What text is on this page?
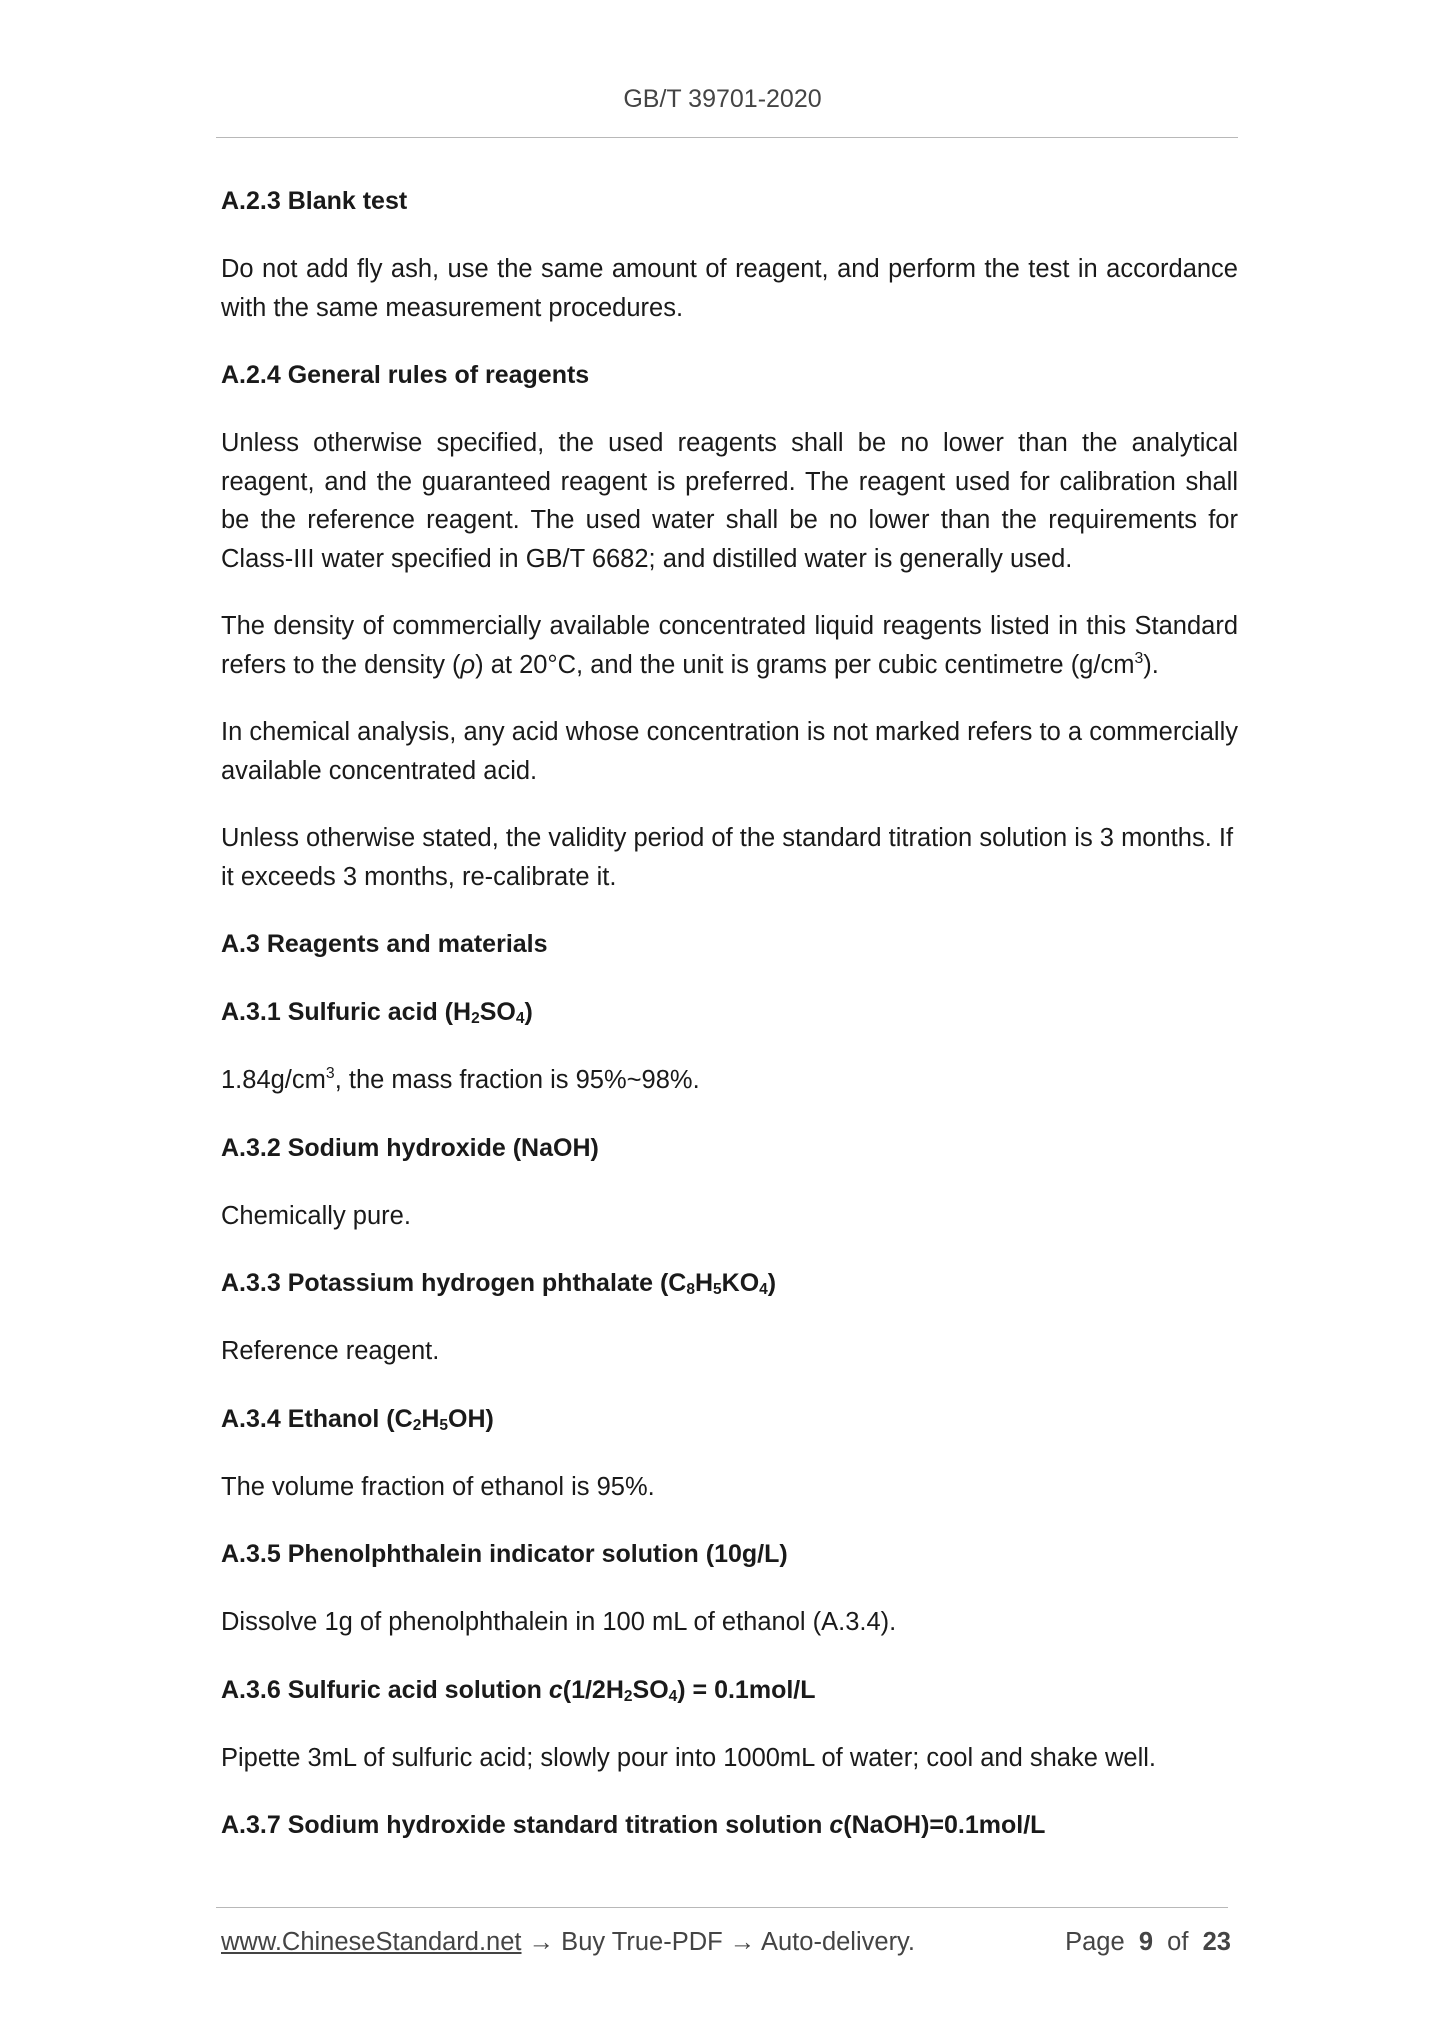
GB/T 39701-2020
A.2.3 Blank test
Do not add fly ash, use the same amount of reagent, and perform the test in accordance with the same measurement procedures.
A.2.4 General rules of reagents
Unless otherwise specified, the used reagents shall be no lower than the analytical reagent, and the guaranteed reagent is preferred. The reagent used for calibration shall be the reference reagent. The used water shall be no lower than the requirements for Class-III water specified in GB/T 6682; and distilled water is generally used.
The density of commercially available concentrated liquid reagents listed in this Standard refers to the density (ρ) at 20°C, and the unit is grams per cubic centimetre $(g/cm^3)$.
In chemical analysis, any acid whose concentration is not marked refers to a commercially available concentrated acid.
Unless otherwise stated, the validity period of the standard titration solution is 3 months. If it exceeds 3 months, re-calibrate it.
A.3 Reagents and materials
A.3.1 Sulfuric acid $(H_2SO_4)$
$1.84g/cm^3$, the mass fraction is 95%~98%.
A.3.2 Sodium hydroxide (NaOH)
Chemically pure.
A.3.3 Potassium hydrogen phthalate $(C_8H_5KO_4)$
Reference reagent.
A.3.4 Ethanol $(C_2H_5OH)$
The volume fraction of ethanol is 95%.
A.3.5 Phenolphthalein indicator solution (10g/L)
Dissolve 1g of phenolphthalein in 100 mL of ethanol (A.3.4).
A.3.6 Sulfuric acid solution $c(1/2H_2SO_4) = 0.1mol/L$
Pipette 3mL of sulfuric acid; slowly pour into 1000mL of water; cool and shake well.
A.3.7 Sodium hydroxide standard titration solution c(NaOH)=0.1mol/L
www.ChineseStandard.net → Buy True-PDF → Auto-delivery.	Page 9 of 23
